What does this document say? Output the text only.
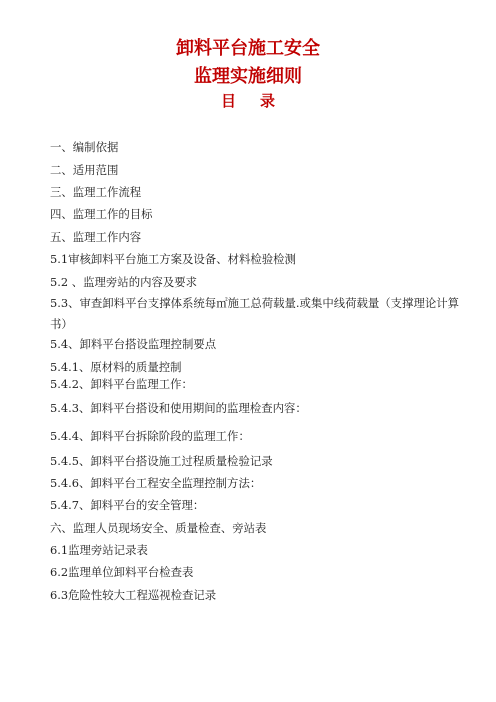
卸料平台施工安全
监理实施细则
目录
一、编制依据
二、适用范围
三、监理工作流程
四、监理工作的目标
五、监理工作内容
5.1审核卸料平台施工方案及设备、材料检验检测
5.2 、监理旁站的内容及要求
5.3、审查卸料平台支撑体系统每㎡施工总荷载量.或集中线荷载量（支撑理论计算书）
5.4、卸料平台搭设监理控制要点
5.4.1、原材料的质量控制
5.4.2、卸料平台监理工作：
5.4.3、卸料平台搭设和使用期间的监理检查内容：
5.4.4、卸料平台拆除阶段的监理工作：
5.4.5、卸料平台搭设施工过程质量检验记录
5.4.6、卸料平台工程安全监理控制方法：
5.4.7、卸料平台的安全管理：
六、监理人员现场安全、质量检查、旁站表
6.1监理旁站记录表
6.2监理单位卸料平台检查表
6.3危险性较大工程巡视检查记录
